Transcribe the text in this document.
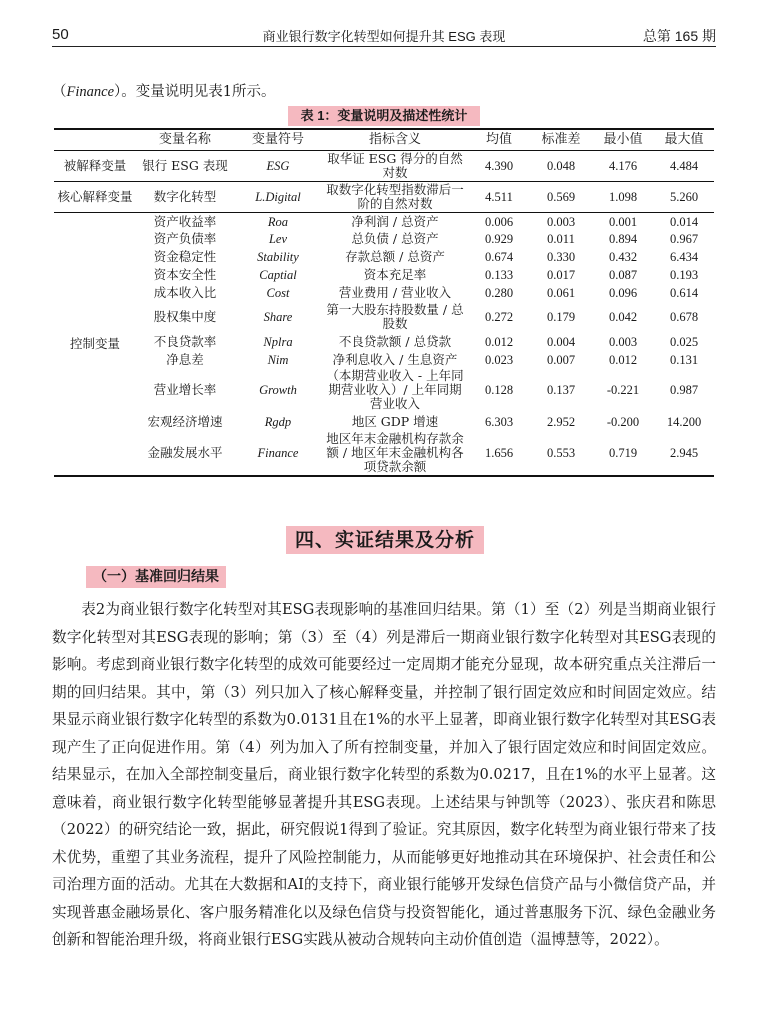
50	商业银行数字化转型如何提升其 ESG 表现	总第 165 期
（Finance）。变量说明见表1所示。
表 1：变量说明及描述性统计
	变量名称	变量符号	指标含义	均值	标准差	最小值	最大值
被解释变量	银行 ESG 表现	ESG	取华证 ESG 得分的自然对数	4.390	0.048	4.176	4.484
核心解释变量	数字化转型	L.Digital	取数字化转型指数滞后一阶的自然对数	4.511	0.569	1.098	5.260
控制变量	资产收益率	Roa	净利润 / 总资产	0.006	0.003	0.001	0.014
	资产负债率	Lev	总负债 / 总资产	0.929	0.011	0.894	0.967
	资金稳定性	Stability	存款总额 / 总资产	0.674	0.330	0.432	6.434
	资本安全性	Captial	资本充足率	0.133	0.017	0.087	0.193
	成本收入比	Cost	营业费用 / 营业收入	0.280	0.061	0.096	0.614
	股权集中度	Share	第一大股东持股数量 / 总股数	0.272	0.179	0.042	0.678
	不良贷款率	Nplra	不良贷款额 / 总贷款	0.012	0.004	0.003	0.025
	净息差	Nim	净利息收入 / 生息资产	0.023	0.007	0.012	0.131
	营业增长率	Growth	（本期营业收入 - 上年同期营业收入）/ 上年同期营业收入	0.128	0.137	-0.221	0.987
	宏观经济增速	Rgdp	地区 GDP 增速	6.303	2.952	-0.200	14.200
	金融发展水平	Finance	地区年末金融机构存款余额 / 地区年末金融机构各项贷款余额	1.656	0.553	0.719	2.945
四、实证结果及分析
（一）基准回归结果

表2为商业银行数字化转型对其ESG表现影响的基准回归结果。第（1）至（2）列是当期商业银行数字化转型对其ESG表现的影响；第（3）至（4）列是滞后一期商业银行数字化转型对其ESG表现的影响。考虑到商业银行数字化转型的成效可能要经过一定周期才能充分显现，故本研究重点关注滞后一期的回归结果。其中，第（3）列只加入了核心解释变量，并控制了银行固定效应和时间固定效应。结果显示商业银行数字化转型的系数为0.0131且在1%的水平上显著，即商业银行数字化转型对其ESG表现产生了正向促进作用。第（4）列为加入了所有控制变量，并加入了银行固定效应和时间固定效应。结果显示，在加入全部控制变量后，商业银行数字化转型的系数为0.0217，且在1%的水平上显著。这意味着，商业银行数字化转型能够显著提升其ESG表现。上述结果与钟凯等（2023）、张庆君和陈思（2022）的研究结论一致，据此，研究假说1得到了验证。究其原因，数字化转型为商业银行带来了技术优势，重塑了其业务流程，提升了风险控制能力，从而能够更好地推动其在环境保护、社会责任和公司治理方面的活动。尤其在大数据和AI的支持下，商业银行能够开发绿色信贷产品与小微信贷产品，并实现普惠金融场景化、客户服务精准化以及绿色信贷与投资智能化，通过普惠服务下沉、绿色金融业务创新和智能治理升级，将商业银行ESG实践从被动合规转向主动价值创造（温博慧等，2022）。
